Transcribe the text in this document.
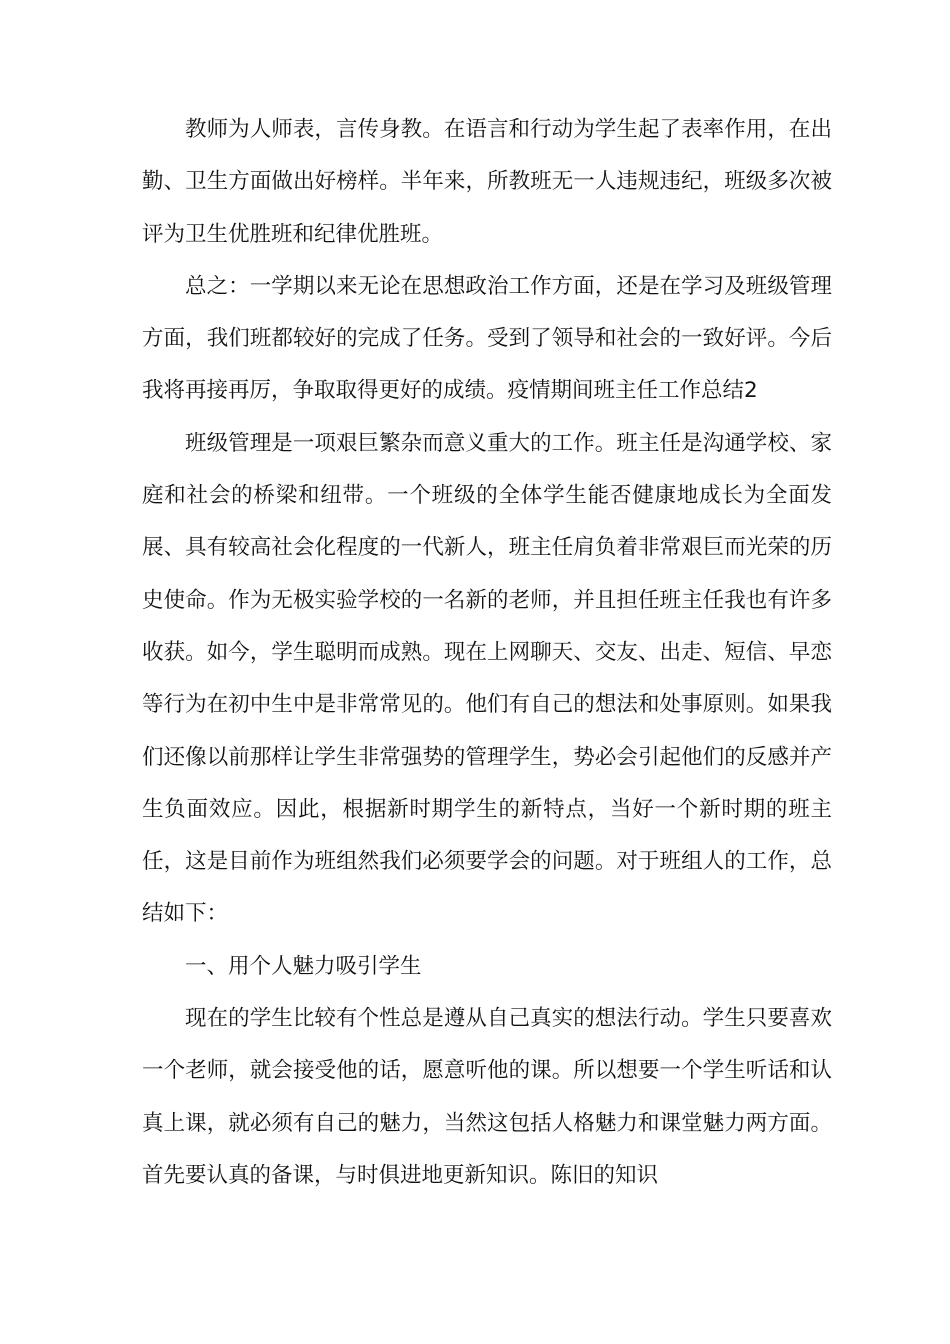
教师为人师表，言传身教。在语言和行动为学生起了表率作用，在出勤、卫生方面做出好榜样。半年来，所教班无一人违规违纪，班级多次被评为卫生优胜班和纪律优胜班。

总之：一学期以来无论在思想政治工作方面，还是在学习及班级管理方面，我们班都较好的完成了任务。受到了领导和社会的一致好评。今后我将再接再厉，争取取得更好的成绩。疫情期间班主任工作总结2

班级管理是一项艰巨繁杂而意义重大的工作。班主任是沟通学校、家庭和社会的桥梁和纽带。一个班级的全体学生能否健康地成长为全面发展、具有较高社会化程度的一代新人，班主任肩负着非常艰巨而光荣的历史使命。作为无极实验学校的一名新的老师，并且担任班主任我也有许多收获。如今，学生聪明而成熟。现在上网聊天、交友、出走、短信、早恋等行为在初中生中是非常常见的。他们有自己的想法和处事原则。如果我们还像以前那样让学生非常强势的管理学生，势必会引起他们的反感并产生负面效应。因此，根据新时期学生的新特点，当好一个新时期的班主任，这是目前作为班组然我们必须要学会的问题。对于班组人的工作，总结如下：

一、用个人魅力吸引学生

现在的学生比较有个性总是遵从自己真实的想法行动。学生只要喜欢一个老师，就会接受他的话，愿意听他的课。所以想要一个学生听话和认真上课，就必须有自己的魅力，当然这包括人格魅力和课堂魅力两方面。首先要认真的备课，与时俱进地更新知识。陈旧的知识
